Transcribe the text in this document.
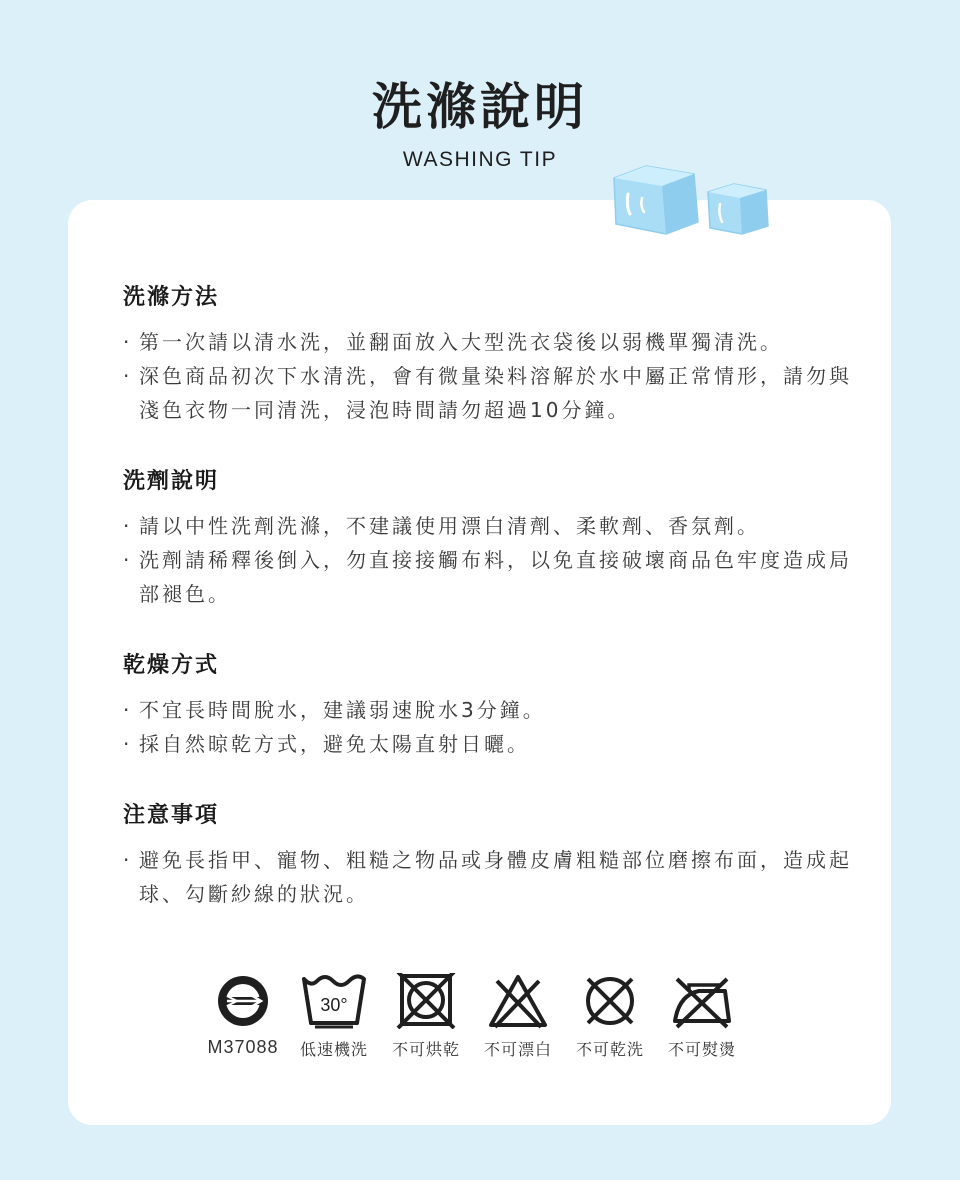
洗滌說明
WASHING TIP
洗滌方法
· 第一次請以清水洗，並翻面放入大型洗衣袋後以弱機單獨清洗。
· 深色商品初次下水清洗，會有微量染料溶解於水中屬正常情形，請勿與淺色衣物一同清洗，浸泡時間請勿超過10分鐘。
洗劑說明
· 請以中性洗劑洗滌，不建議使用漂白清劑、柔軟劑、香氛劑。
· 洗劑請稀釋後倒入，勿直接接觸布料，以免直接破壞商品色牢度造成局部褪色。
乾燥方式
· 不宜長時間脫水，建議弱速脫水3分鐘。
· 採自然晾乾方式，避免太陽直射日曬。
注意事項
· 避免長指甲、寵物、粗糙之物品或身體皮膚粗糙部位磨擦布面，造成起球、勾斷紗線的狀況。
M37088
30°
低速機洗	不可烘乾	不可漂白	不可乾洗	不可熨燙
